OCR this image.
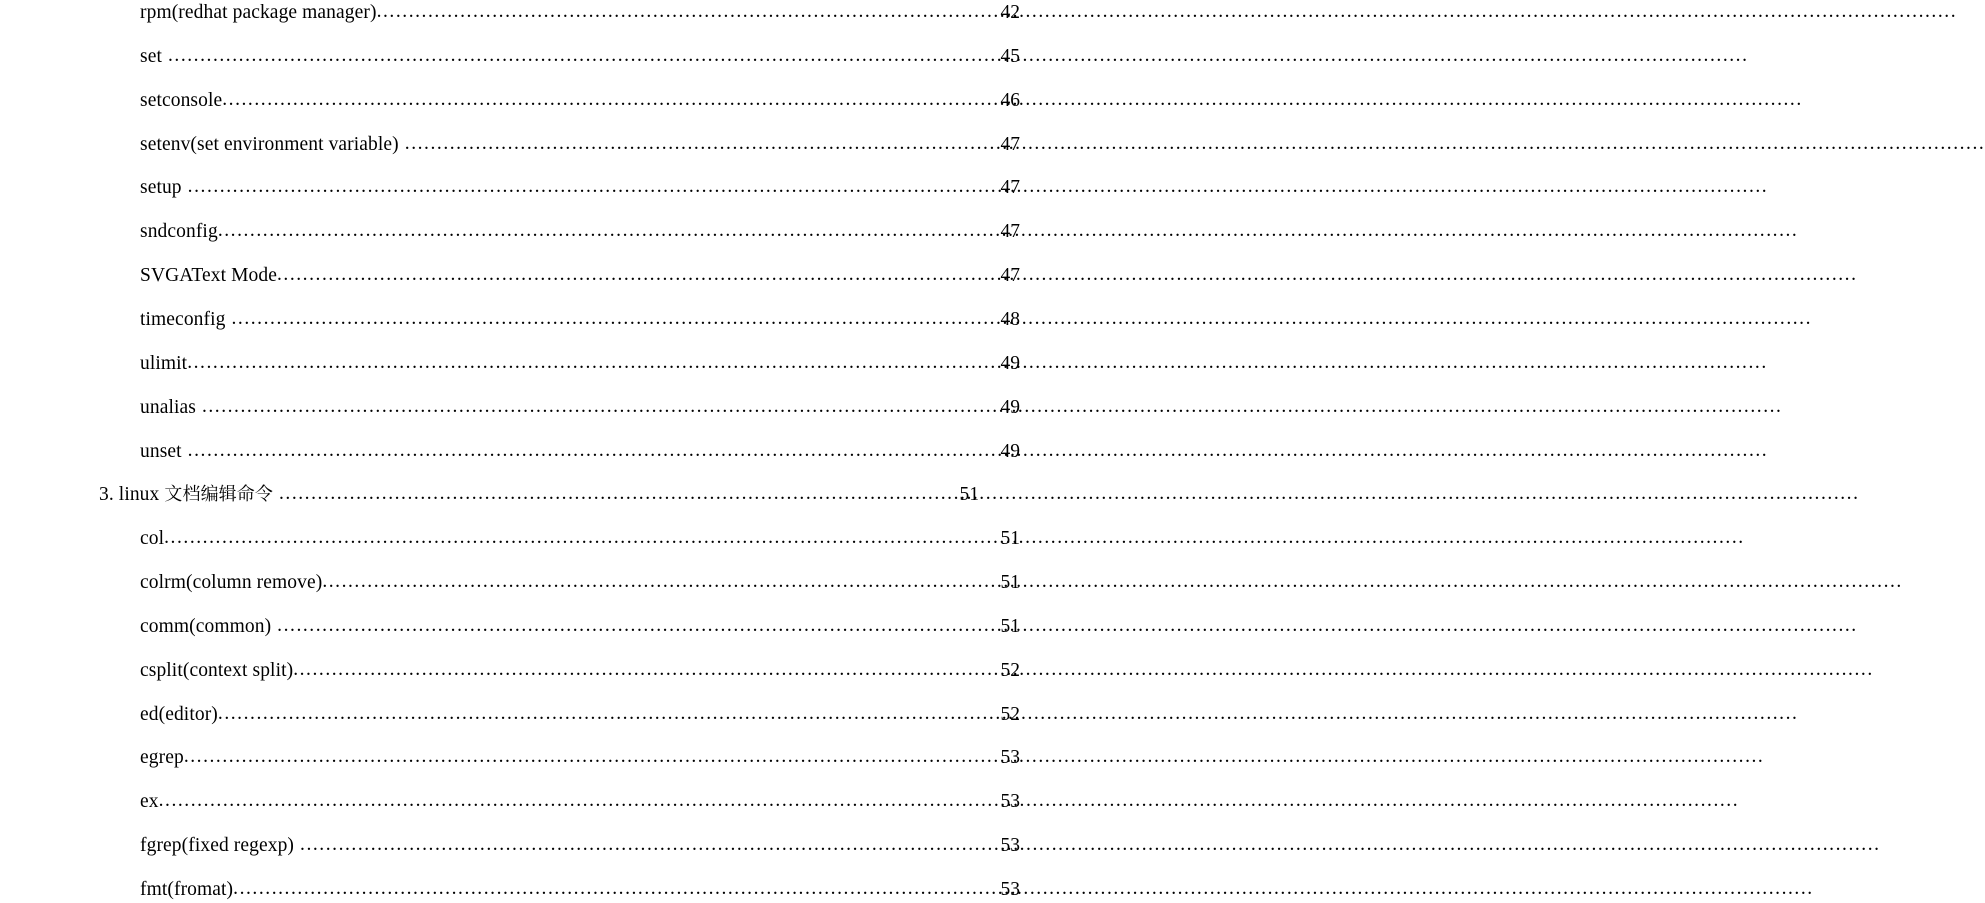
rpm(redhat package manager) .....	42
set .....	45
setconsole .....	46
setenv(set environment variable) .....	47
setup .....	47
sndconfig .....	47
SVGAText Mode .....	47
timeconfig .....	48
ulimit .....	49
unalias .....	49
unset .....	49
3. linux 文档编辑命令 .....	51
col .....	51
colrm(column remove) .....	51
comm(common) .....	51
csplit(context split) .....	52
ed(editor) .....	52
egrep .....	53
ex .....	53
fgrep(fixed regexp) .....	53
fmt(fromat) .....	53
